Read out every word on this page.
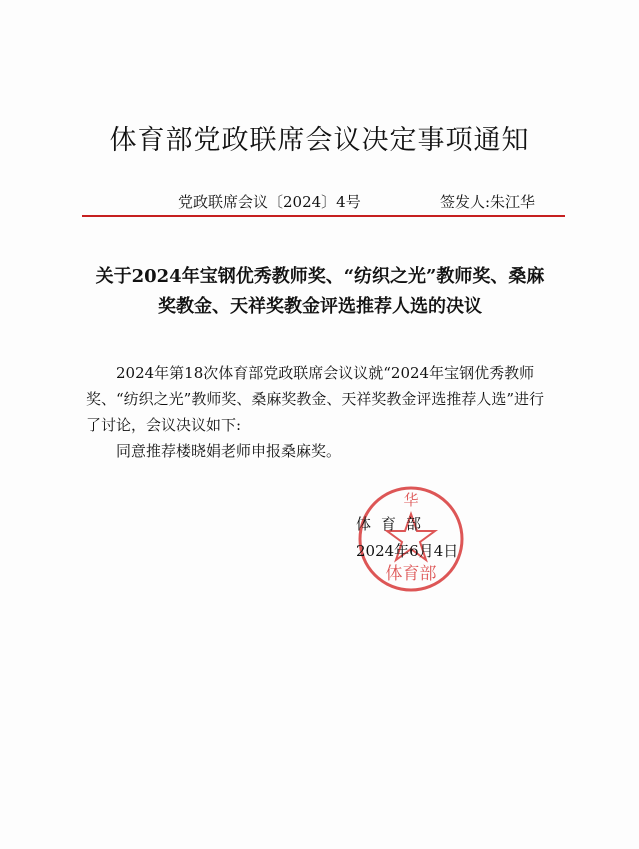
体育部党政联席会议决定事项通知
党政联席会议〔2024〕4号	签发人:朱江华
关于2024年宝钢优秀教师奖、“纺织之光”教师奖、桑麻
奖教金、天祥奖教金评选推荐人选的决议

2024年第18次体育部党政联席会议议就“2024年宝钢优秀教师奖、“纺织之光”教师奖、桑麻奖教金、天祥奖教金评选推荐人选”进行了讨论，会议决议如下:

同意推荐楼晓娟老师申报桑麻奖。

华
体育部
体育部
2024年6月4日
